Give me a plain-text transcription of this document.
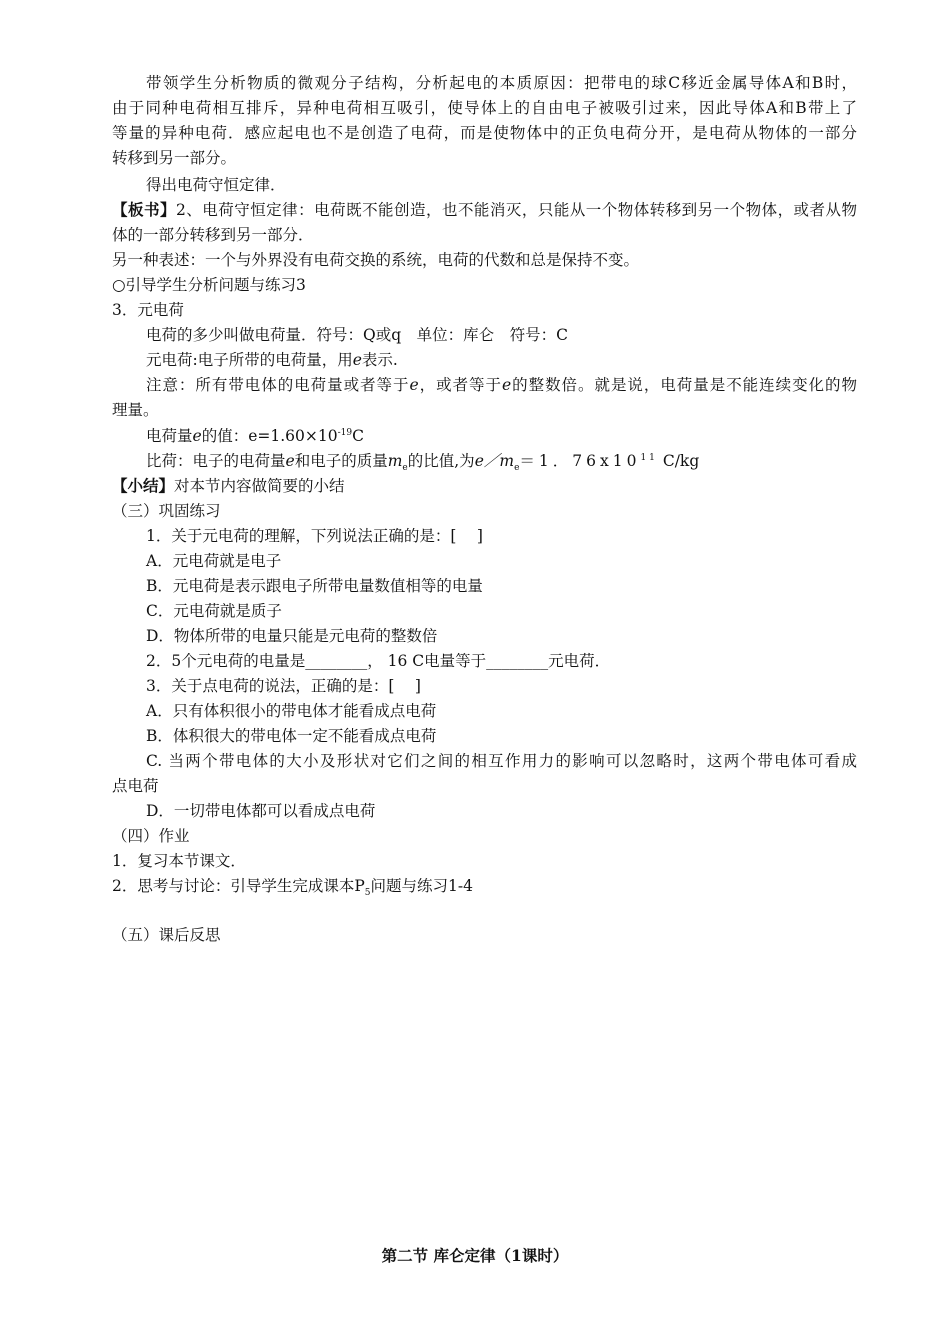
带领学生分析物质的微观分子结构，分析起电的本质原因：把带电的球C移近金属导体A和B时，
由于同种电荷相互排斥，异种电荷相互吸引，使导体上的自由电子被吸引过来，因此导体A和B带上了
等量的异种电荷．感应起电也不是创造了电荷，而是使物体中的正负电荷分开，是电荷从物体的一部分
转移到另一部分。
得出电荷守恒定律．
【板书】2、电荷守恒定律：电荷既不能创造，也不能消灭，只能从一个物体转移到另一个物体，或者从物
体的一部分转移到另一部分．
另一种表述：一个与外界没有电荷交换的系统，电荷的代数和总是保持不变。
○引导学生分析问题与练习3
3．元电荷
电荷的多少叫做电荷量．符号：Q或q　单位：库仑　符号：C
元电荷:电子所带的电荷量，用e表示.
注意：所有带电体的电荷量或者等于e，或者等于e的整数倍。就是说，电荷量是不能连续变化的物
理量。
电荷量e的值：$e=1.60\times 10^{-19}C$
比荷：电子的电荷量e和电子的质量$m_e$的比值,为$e/m_e=1$．$76x10^{11}$ C/kg
【小结】对本节内容做简要的小结
（三）巩固练习
1．关于元电荷的理解，下列说法正确的是：[　 ]
A．元电荷就是电子
B．元电荷是表示跟电子所带电量数值相等的电量
C．元电荷就是质子
D．物体所带的电量只能是元电荷的整数倍
2．5个元电荷的电量是________， 16 C电量等于________元电荷．
3．关于点电荷的说法，正确的是：[　 ]
A．只有体积很小的带电体才能看成点电荷
B．体积很大的带电体一定不能看成点电荷
C. 当两个带电体的大小及形状对它们之间的相互作用力的影响可以忽略时，这两个带电体可看成
点电荷
D．一切带电体都可以看成点电荷
（四）作业
1．复习本节课文．
2．思考与讨论：引导学生完成课本$P_5$问题与练习1-4
（五）课后反思
第二节 库仑定律（1课时）
